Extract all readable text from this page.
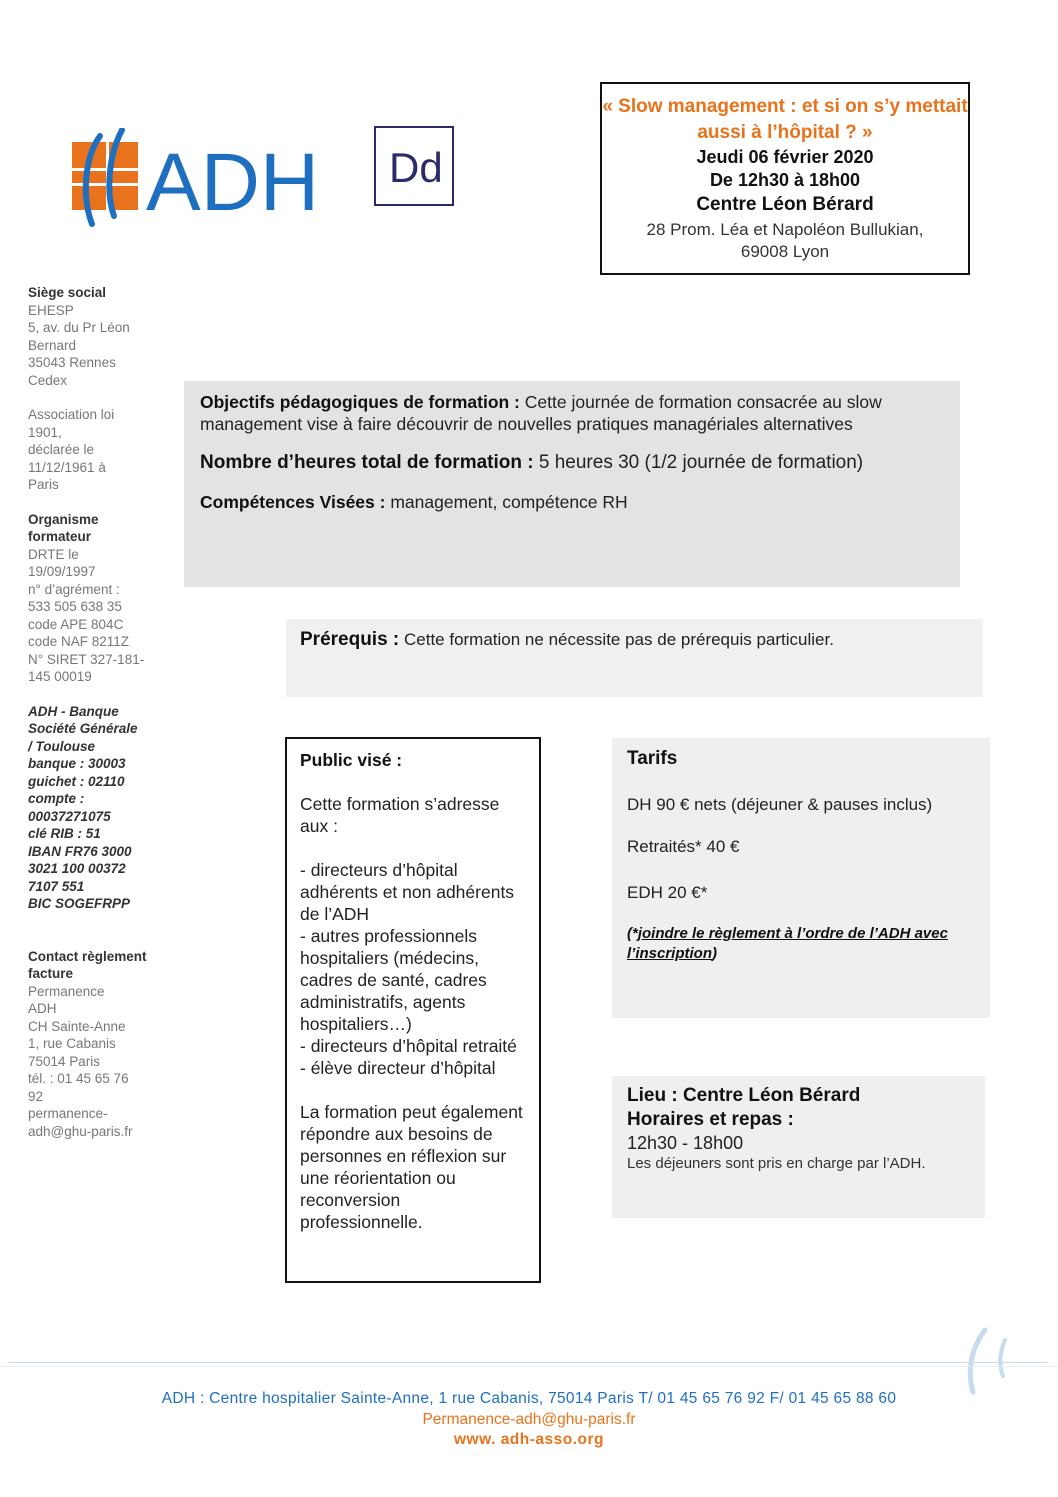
ADH Dd
« Slow management : et si on s’y mettait aussi à l’hôpital ? »
Jeudi 06 février 2020
De 12h30 à 18h00
Centre Léon Bérard
28 Prom. Léa et Napoléon Bullukian,
69008 Lyon

Siège social

EHESP

5, av. du Pr Léon

Bernard

35043 Rennes

Cedex

Association loi

1901,

déclarée le

11/12/1961 à

Paris

Organisme formateur

DRTE le

19/09/1997

n° d’agrément :

533 505 638 35

code APE 804C

code NAF 8211Z

N° SIRET 327-181-

145 00019

ADH - Banque

Société Générale

/ Toulouse

banque : 30003

guichet : 02110

compte :

00037271075

clé RIB : 51

IBAN FR76 3000

3021 100 00372

7107 551

BIC SOGEFRPP

Contact règlement facture

Permanence

ADH

CH Sainte-Anne

1, rue Cabanis

75014 Paris

tél. : 01 45 65 76

92

permanence-

adh@ghu-paris.fr

Objectifs pédagogiques de formation : Cette journée de formation consacrée au slow management vise à faire découvrir de nouvelles pratiques managériales alternatives
Nombre d’heures total de formation : 5 heures 30 (1/2 journée de formation)
Compétences Visées : management, compétence RH
Prérequis : Cette formation ne nécessite pas de prérequis particulier.

Public visé :

Cette formation s’adresse aux :

- directeurs d’hôpital adhérents et non adhérents de l’ADH

- autres professionnels hospitaliers (médecins, cadres de santé, cadres administratifs, agents hospitaliers…)

- directeurs d’hôpital retraité

- élève directeur d’hôpital

La formation peut également répondre aux besoins de personnes en réflexion sur une réorientation ou reconversion professionnelle.

Tarifs

DH 90 € nets (déjeuner & pauses inclus)

Retraités* 40 €

EDH 20 €*

(*joindre le règlement à l’ordre de l’ADH avec l’inscription)

Lieu : Centre Léon Bérard
Horaires et repas :
12h30 - 18h00
Les déjeuners sont pris en charge par l’ADH.
ADH : Centre hospitalier Sainte-Anne, 1 rue Cabanis, 75014 Paris T/ 01 45 65 76 92 F/ 01 45 65 88 60
Permanence-adh@ghu-paris.fr
www. adh-asso.org
